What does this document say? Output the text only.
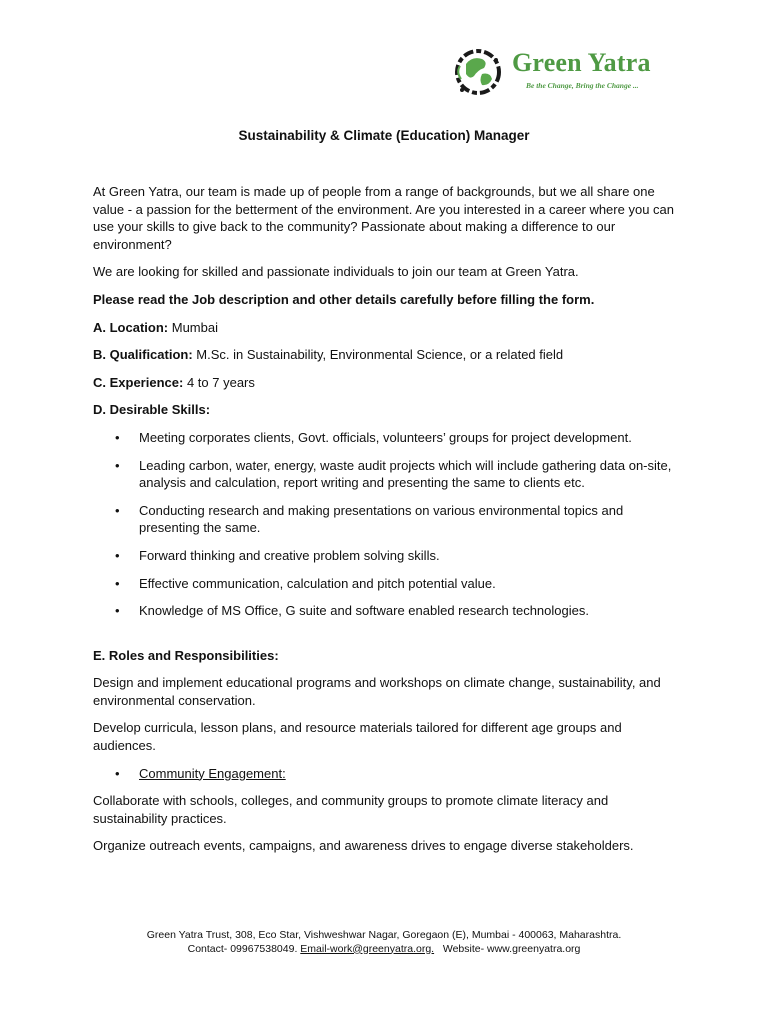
Green Yatra
Be the Change, Bring the Change ...
Sustainability & Climate (Education) Manager

At Green Yatra, our team is made up of people from a range of backgrounds, but we all share one value - a passion for the betterment of the environment. Are you interested in a career where you can use your skills to give back to the community? Passionate about making a difference to our environment?

We are looking for skilled and passionate individuals to join our team at Green Yatra.

Please read the Job description and other details carefully before filling the form.

A. Location: Mumbai

B. Qualification: M.Sc. in Sustainability, Environmental Science, or a related field

C. Experience: 4 to 7 years

D. Desirable Skills:

• Meeting corporates clients, Govt. officials, volunteers’ groups for project development.
• Leading carbon, water, energy, waste audit projects which will include gathering data on-site, analysis and calculation, report writing and presenting the same to clients etc.
• Conducting research and making presentations on various environmental topics and presenting the same.
• Forward thinking and creative problem solving skills.
• Effective communication, calculation and pitch potential value.
• Knowledge of MS Office, G suite and software enabled research technologies.

E. Roles and Responsibilities:

Design and implement educational programs and workshops on climate change, sustainability, and environmental conservation.

Develop curricula, lesson plans, and resource materials tailored for different age groups and audiences.

• Community Engagement:

Collaborate with schools, colleges, and community groups to promote climate literacy and sustainability practices.

Organize outreach events, campaigns, and awareness drives to engage diverse stakeholders.

Green Yatra Trust, 308, Eco Star, Vishweshwar Nagar, Goregaon (E), Mumbai - 400063, Maharashtra.
Contact- 09967538049. Email-work@greenyatra.org. Website- www.greenyatra.org
